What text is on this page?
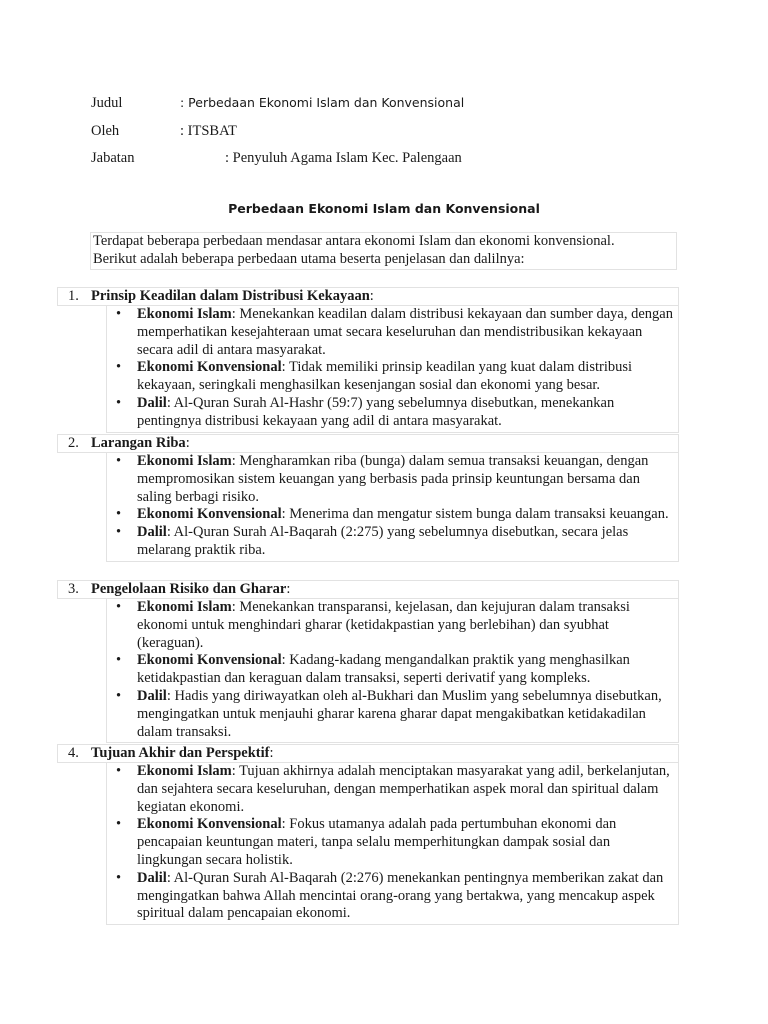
Judul	: Perbedaan Ekonomi Islam dan Konvensional
Oleh	: ITSBAT
Jabatan	: Penyuluh Agama Islam Kec. Palengaan
Perbedaan Ekonomi Islam dan Konvensional
Terdapat beberapa perbedaan mendasar antara ekonomi Islam dan ekonomi konvensional.
Berikut adalah beberapa perbedaan utama beserta penjelasan dan dalilnya:
1. Prinsip Keadilan dalam Distribusi Kekayaan:
• Ekonomi Islam: Menekankan keadilan dalam distribusi kekayaan dan sumber daya, dengan memperhatikan kesejahteraan umat secara keseluruhan dan mendistribusikan kekayaan secara adil di antara masyarakat.
• Ekonomi Konvensional: Tidak memiliki prinsip keadilan yang kuat dalam distribusi kekayaan, seringkali menghasilkan kesenjangan sosial dan ekonomi yang besar.
• Dalil: Al-Quran Surah Al-Hashr (59:7) yang sebelumnya disebutkan, menekankan pentingnya distribusi kekayaan yang adil di antara masyarakat.
2. Larangan Riba:
• Ekonomi Islam: Mengharamkan riba (bunga) dalam semua transaksi keuangan, dengan mempromosikan sistem keuangan yang berbasis pada prinsip keuntungan bersama dan saling berbagi risiko.
• Ekonomi Konvensional: Menerima dan mengatur sistem bunga dalam transaksi keuangan.
• Dalil: Al-Quran Surah Al-Baqarah (2:275) yang sebelumnya disebutkan, secara jelas melarang praktik riba.
3. Pengelolaan Risiko dan Gharar:
• Ekonomi Islam: Menekankan transparansi, kejelasan, dan kejujuran dalam transaksi ekonomi untuk menghindari gharar (ketidakpastian yang berlebihan) dan syubhat (keraguan).
• Ekonomi Konvensional: Kadang-kadang mengandalkan praktik yang menghasilkan ketidakpastian dan keraguan dalam transaksi, seperti derivatif yang kompleks.
• Dalil: Hadis yang diriwayatkan oleh al-Bukhari dan Muslim yang sebelumnya disebutkan, mengingatkan untuk menjauhi gharar karena gharar dapat mengakibatkan ketidakadilan dalam transaksi.
4. Tujuan Akhir dan Perspektif:
• Ekonomi Islam: Tujuan akhirnya adalah menciptakan masyarakat yang adil, berkelanjutan, dan sejahtera secara keseluruhan, dengan memperhatikan aspek moral dan spiritual dalam kegiatan ekonomi.
• Ekonomi Konvensional: Fokus utamanya adalah pada pertumbuhan ekonomi dan pencapaian keuntungan materi, tanpa selalu memperhitungkan dampak sosial dan lingkungan secara holistik.
• Dalil: Al-Quran Surah Al-Baqarah (2:276) menekankan pentingnya memberikan zakat dan mengingatkan bahwa Allah mencintai orang-orang yang bertakwa, yang mencakup aspek spiritual dalam pencapaian ekonomi.
